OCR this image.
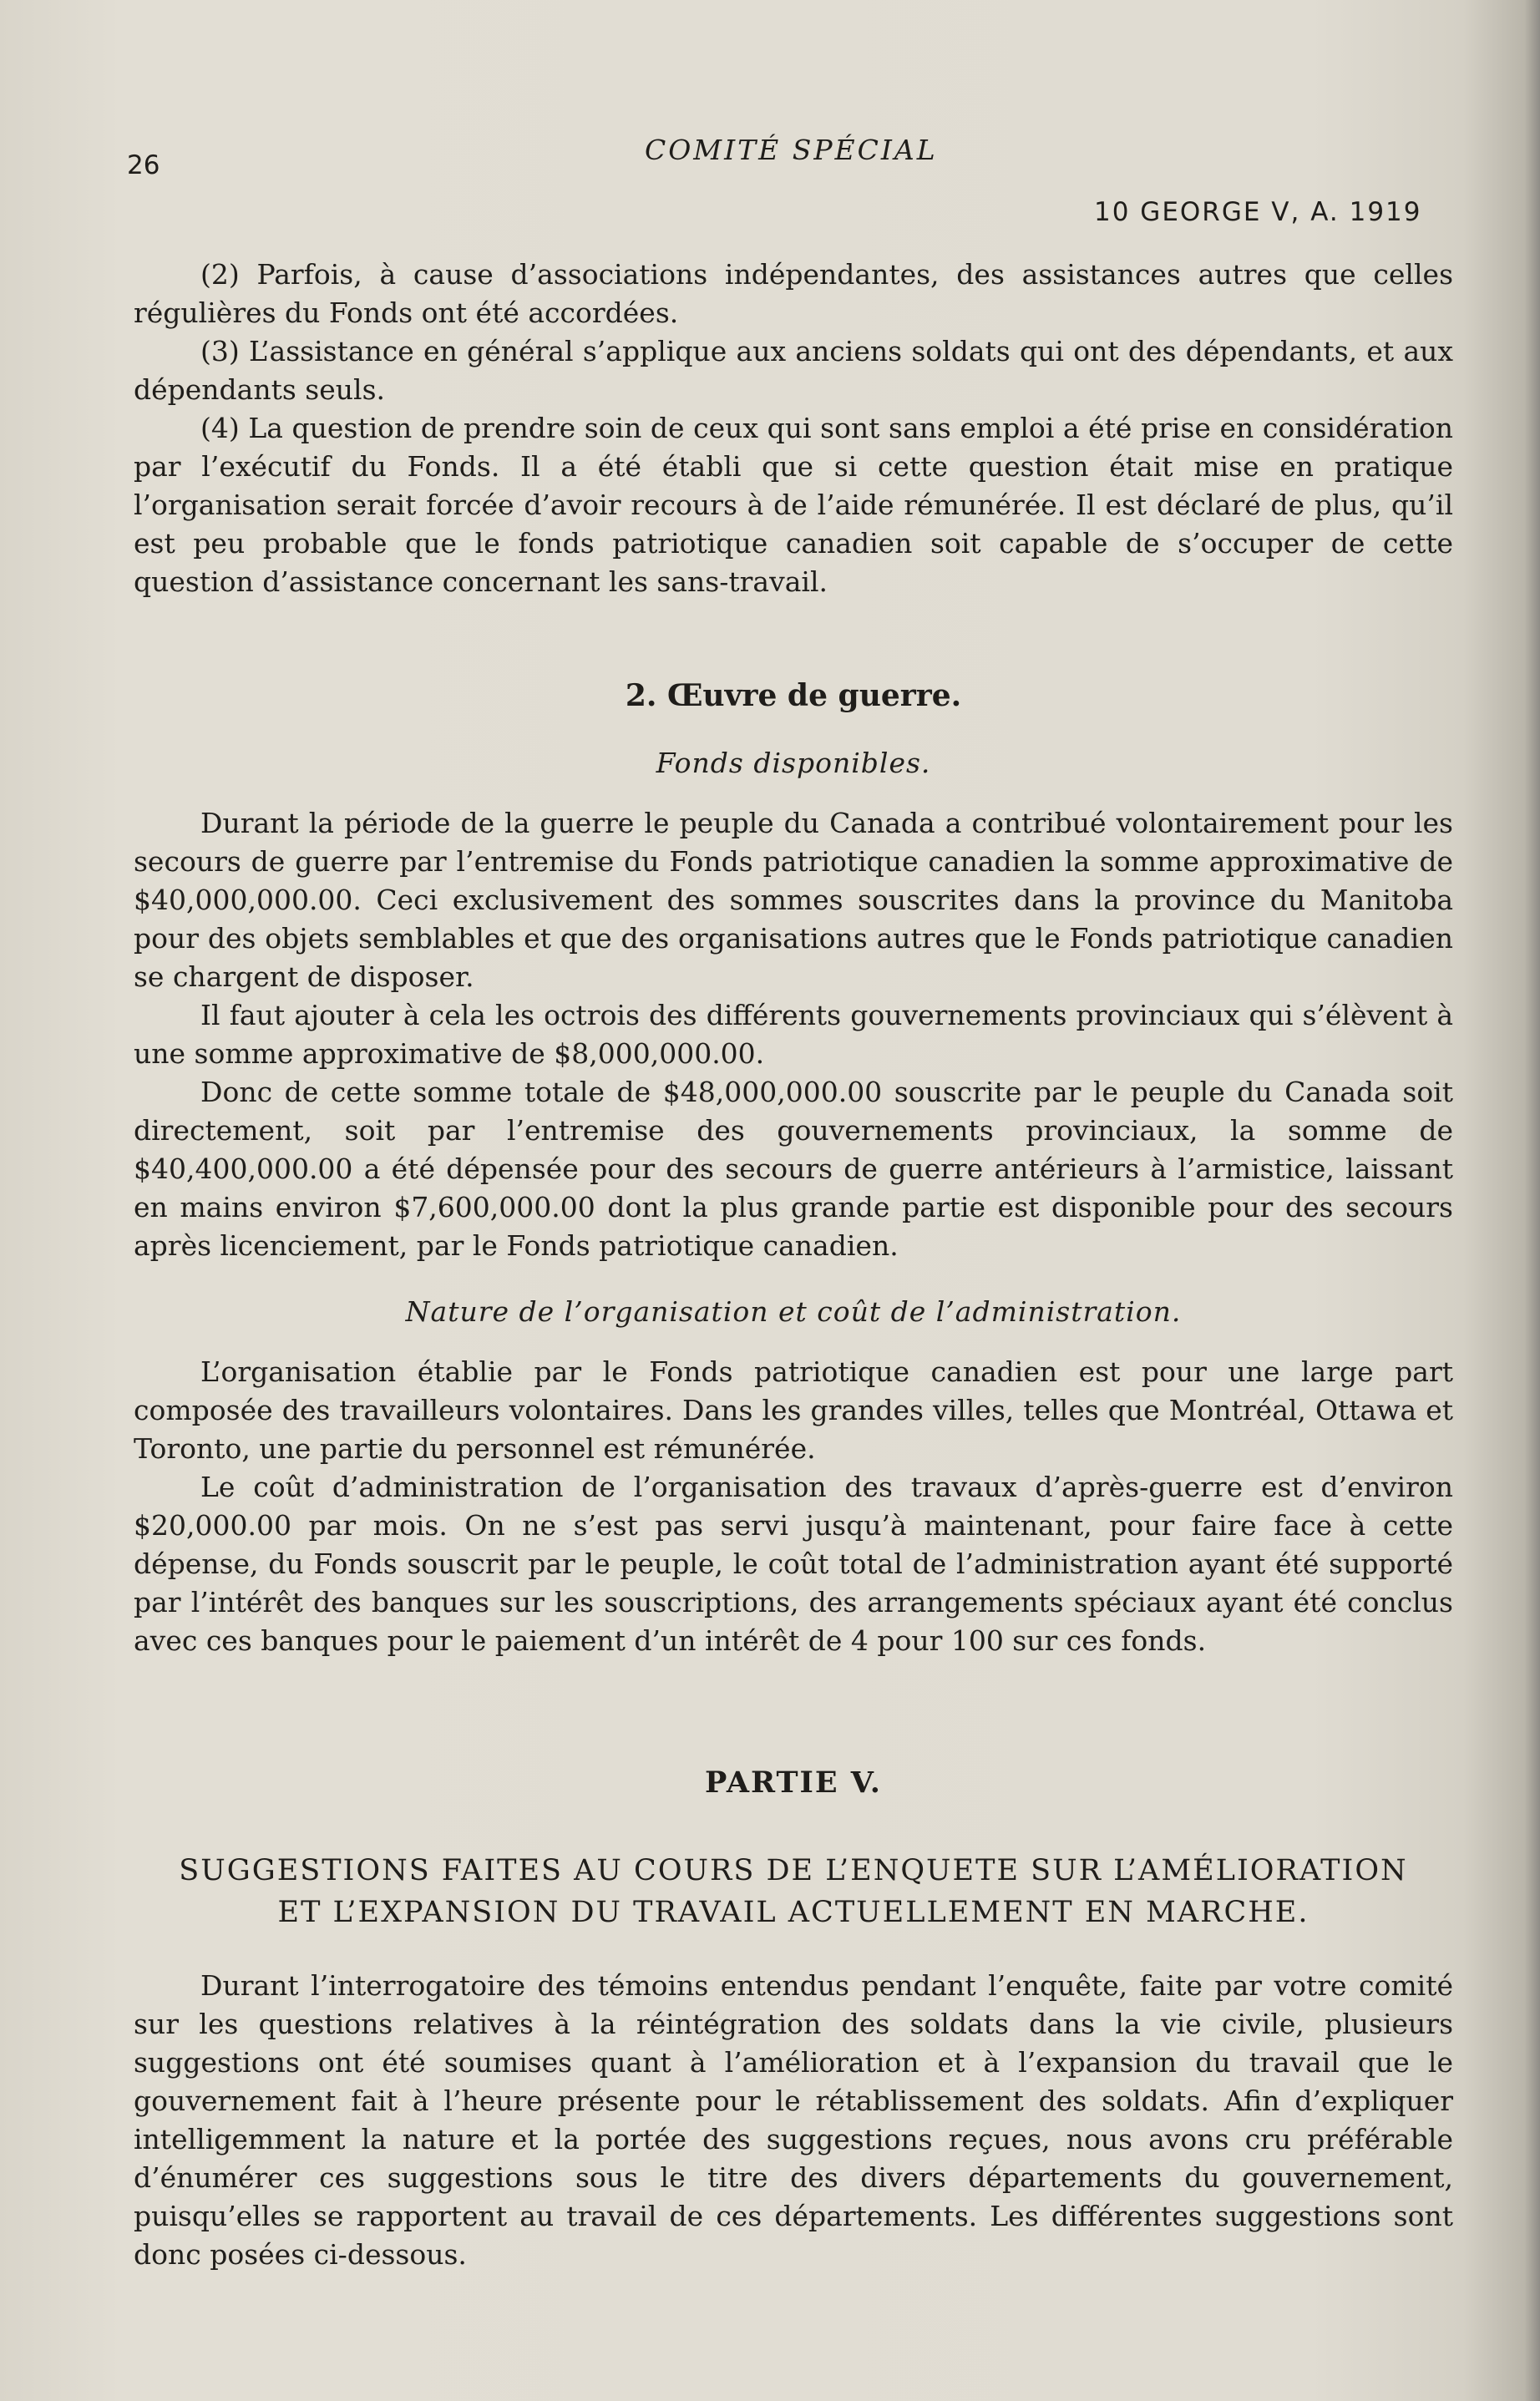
26	COMITÉ SPÉCIAL
10 GEORGE V, A. 1919

(2) Parfois, à cause d’associations indépendantes, des assistances autres que celles régulières du Fonds ont été accordées.

(3) L’assistance en général s’applique aux anciens soldats qui ont des dépendants, et aux dépendants seuls.

(4) La question de prendre soin de ceux qui sont sans emploi a été prise en considération par l’exécutif du Fonds. Il a été établi que si cette question était mise en pratique l’organisation serait forcée d’avoir recours à de l’aide rémunérée. Il est déclaré de plus, qu’il est peu probable que le fonds patriotique canadien soit capable de s’occuper de cette question d’assistance concernant les sans-travail.

2. Œuvre de guerre.
Fonds disponibles.

Durant la période de la guerre le peuple du Canada a contribué volontairement pour les secours de guerre par l’entremise du Fonds patriotique canadien la somme approximative de $40,000,000.00. Ceci exclusivement des sommes souscrites dans la province du Manitoba pour des objets semblables et que des organisations autres que le Fonds patriotique canadien se chargent de disposer.

Il faut ajouter à cela les octrois des différents gouvernements provinciaux qui s’élèvent à une somme approximative de $8,000,000.00.

Donc de cette somme totale de $48,000,000.00 souscrite par le peuple du Canada soit directement, soit par l’entremise des gouvernements provinciaux, la somme de $40,400,000.00 a été dépensée pour des secours de guerre antérieurs à l’armistice, laissant en mains environ $7,600,000.00 dont la plus grande partie est disponible pour des secours après licenciement, par le Fonds patriotique canadien.

Nature de l’organisation et coût de l’administration.

L’organisation établie par le Fonds patriotique canadien est pour une large part composée des travailleurs volontaires. Dans les grandes villes, telles que Montréal, Ottawa et Toronto, une partie du personnel est rémunérée.

Le coût d’administration de l’organisation des travaux d’après-guerre est d’environ $20,000.00 par mois. On ne s’est pas servi jusqu’à maintenant, pour faire face à cette dépense, du Fonds souscrit par le peuple, le coût total de l’administration ayant été supporté par l’intérêt des banques sur les souscriptions, des arrangements spéciaux ayant été conclus avec ces banques pour le paiement d’un intérêt de 4 pour 100 sur ces fonds.

PARTIE V.
SUGGESTIONS FAITES AU COURS DE L’ENQUETE SUR L’AMÉLIORATION
ET L’EXPANSION DU TRAVAIL ACTUELLEMENT EN MARCHE.

Durant l’interrogatoire des témoins entendus pendant l’enquête, faite par votre comité sur les questions relatives à la réintégration des soldats dans la vie civile, plusieurs suggestions ont été soumises quant à l’amélioration et à l’expansion du travail que le gouvernement fait à l’heure présente pour le rétablissement des soldats. Afin d’expliquer intelligemment la nature et la portée des suggestions reçues, nous avons cru préférable d’énumérer ces suggestions sous le titre des divers départements du gouvernement, puisqu’elles se rapportent au travail de ces départements. Les différentes suggestions sont donc posées ci-dessous.
